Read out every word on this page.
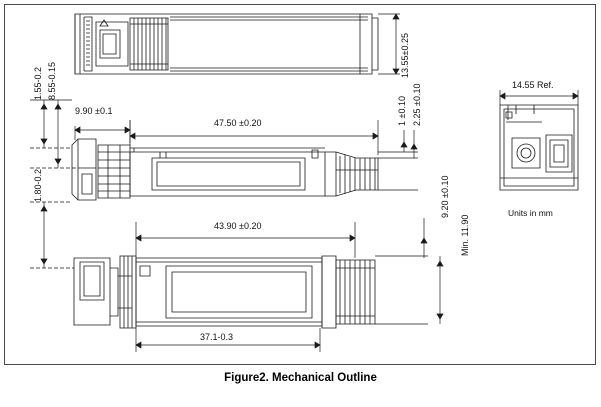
13.55±0.25
1.55-0.2 8.55-0.15
9.90 ±0.1
47.50 ±0.20	1 ±0.10 2.25 ±0.10
1.80-0.2
43.90 ±0.20
9.20 ±0.10
Min. 11.90
37.1-0.3
14.55 Ref.
Units in mm
Figure2. Mechanical Outline
